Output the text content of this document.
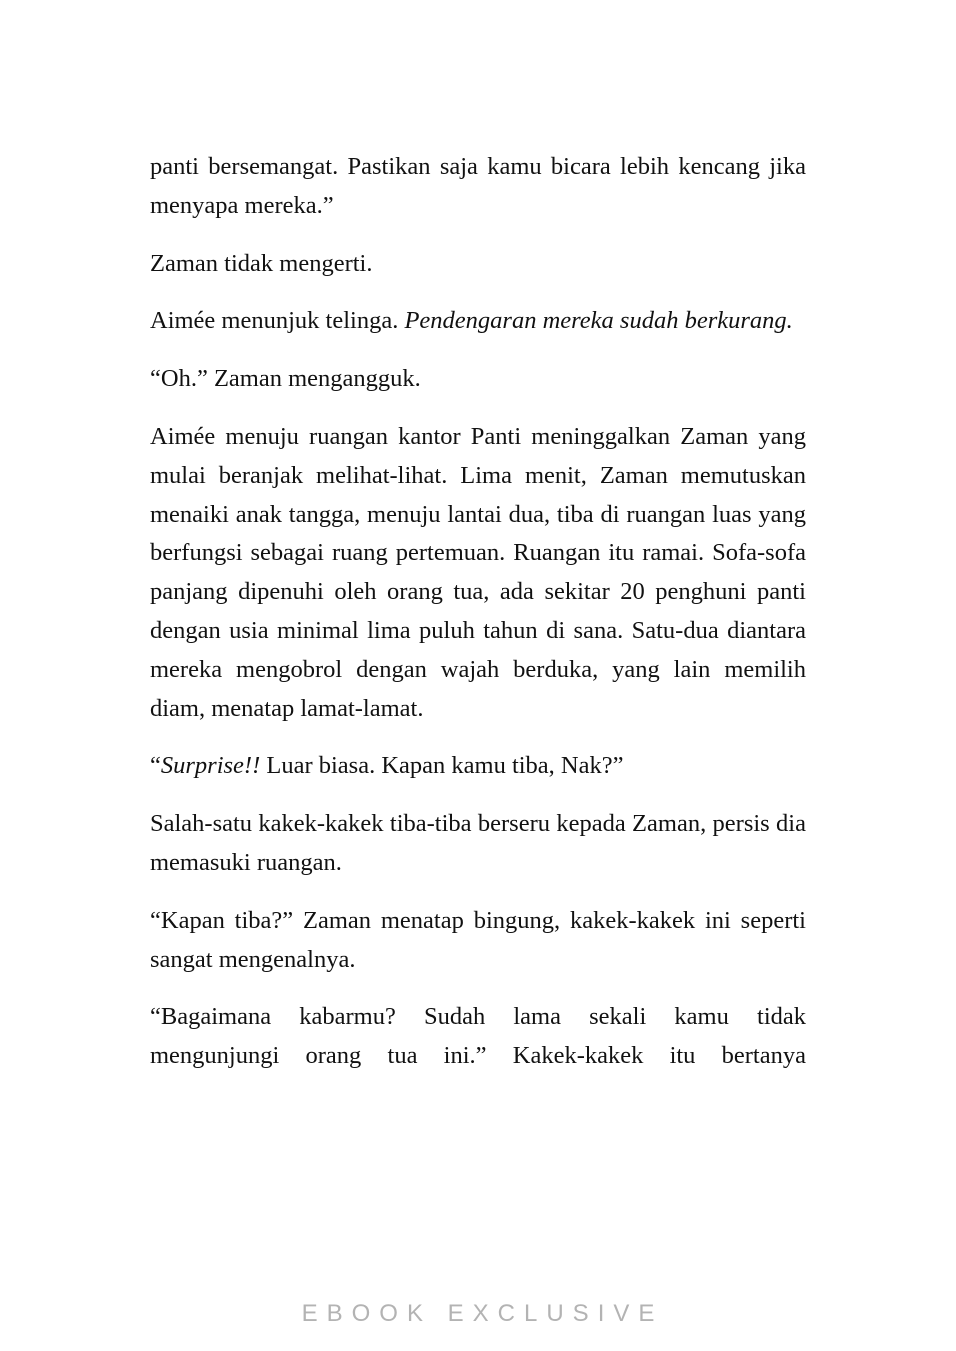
panti bersemangat. Pastikan saja kamu bicara lebih kencang jika menyapa mereka.”

Zaman tidak mengerti.

Aimée menunjuk telinga. Pendengaran mereka sudah berkurang.

“Oh.” Zaman mengangguk.

Aimée menuju ruangan kantor Panti meninggalkan Zaman yang mulai beranjak melihat-lihat. Lima menit, Zaman memutuskan menaiki anak tangga, menuju lantai dua, tiba di ruangan luas yang berfungsi sebagai ruang pertemuan. Ruangan itu ramai. Sofa-sofa panjang dipenuhi oleh orang tua, ada sekitar 20 penghuni panti dengan usia minimal lima puluh tahun di sana. Satu-dua diantara mereka mengobrol dengan wajah berduka, yang lain memilih diam, menatap lamat-lamat.

“Surprise!! Luar biasa. Kapan kamu tiba, Nak?”

Salah-satu kakek-kakek tiba-tiba berseru kepada Zaman, persis dia memasuki ruangan.

“Kapan tiba?” Zaman menatap bingung, kakek-kakek ini seperti sangat mengenalnya.

“Bagaimana kabarmu? Sudah lama sekali kamu tidak mengunjungi orang tua ini.” Kakek-kakek itu bertanya

EBOOK EXCLUSIVE
